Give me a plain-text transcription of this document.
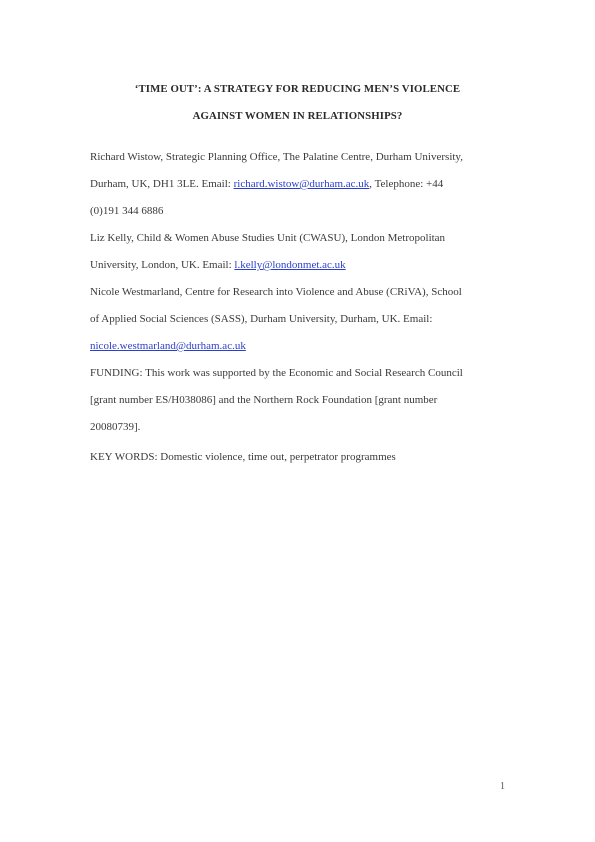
‘TIME OUT’: A STRATEGY FOR REDUCING MEN’S VIOLENCE
AGAINST WOMEN IN RELATIONSHIPS?
Richard Wistow, Strategic Planning Office, The Palatine Centre, Durham University,
Durham, UK, DH1 3LE. Email: richard.wistow@durham.ac.uk, Telephone: +44
(0)191 344 6886
Liz Kelly, Child & Women Abuse Studies Unit (CWASU), London Metropolitan
University, London, UK. Email: l.kelly@londonmet.ac.uk
Nicole Westmarland, Centre for Research into Violence and Abuse (CRiVA), School
of Applied Social Sciences (SASS), Durham University, Durham, UK. Email:
nicole.westmarland@durham.ac.uk
FUNDING: This work was supported by the Economic and Social Research Council
[grant number ES/H038086] and the Northern Rock Foundation [grant number
20080739].
KEY WORDS: Domestic violence, time out, perpetrator programmes
1
